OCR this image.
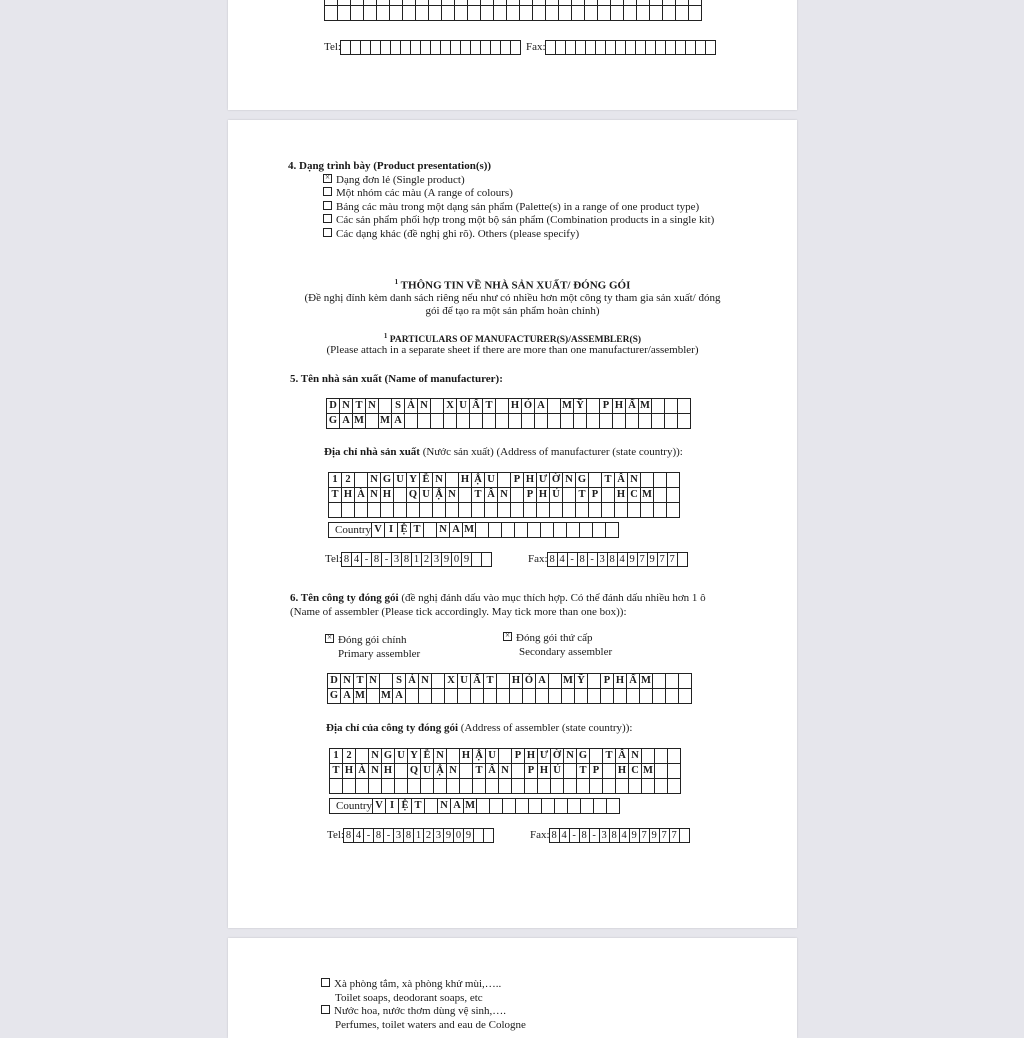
Tel:	Fax:
4. Dạng trình bày (Product presentation(s))
×Dạng đơn lẻ (Single product)
Một nhóm các màu (A range of colours)
Bảng các màu trong một dạng sản phẩm (Palette(s) in a range of one product type)
Các sản phẩm phối hợp trong một bộ sản phẩm (Combination products in a single kit)
Các dạng khác (đề nghị ghi rõ). Others (please specify)
$^1$ THÔNG TIN VỀ NHÀ SẢN XUẤT/ ĐÓNG GÓI
(Đề nghị đính kèm danh sách riêng nếu như có nhiều hơn một công ty tham gia sản xuất/ đóng
gói để tạo ra một sản phẩm hoàn chỉnh)
$^1$ PARTICULARS OF MANUFACTURER(S)/ASSEMBLER(S)
(Please attach in a separate sheet if there are more than one manufacturer/assembler)
5. Tên nhà sản xuất (Name of manufacturer):
D	N	T	N		S	Ả	N		X	U	Ấ	T		H	Ó	A		M	Ỹ		P	H	Ẩ	M			
G	A	M		M	A																						
Địa chỉ nhà sản xuất (Nước sản xuất) (Address of manufacturer (state country)):
1	2		N	G	U	Y	Ễ	N		H	Ậ	U		P	H	Ư	Ờ	N	G		T	Â	N			
T	H	À	N	H		Q	U	Ậ	N		T	Â	N		P	H	Ú		T	P		H	C	M		

Country	V	I	Ệ	T		N	A	M											
Tel: 8 4 - 8 - 3 8 1 2 3 9 0 9	Fax: 8 4 - 8 - 3 8 4 9 7 9 7 7
6. Tên công ty đóng gói (đề nghị đánh dấu vào mục thích hợp. Có thể đánh dấu nhiều hơn 1 ô
(Name of assembler (Please tick accordingly. May tick more than one box)):
×Đóng gói chính
Primary assembler
×Đóng gói thứ cấp
Secondary assembler
D	N	T	N		S	Ả	N		X	U	Ấ	T		H	Ó	A		M	Ỹ		P	H	Ẩ	M			
G	A	M		M	A																						
Địa chỉ của công ty đóng gói (Address of assembler (state country)):
1	2		N	G	U	Y	Ễ	N		H	Ậ	U		P	H	Ư	Ờ	N	G		T	Â	N			
T	H	À	N	H		Q	U	Ậ	N		T	Â	N		P	H	Ú		T	P		H	C	M		

Country	V	I	Ệ	T		N	A	M											
Tel: 8 4 - 8 - 3 8 1 2 3 9 0 9	Fax: 8 4 - 8 - 3 8 4 9 7 9 7 7
Xà phòng tắm, xà phòng khử mùi,…..
Toilet soaps, deodorant soaps, etc
Nước hoa, nước thơm dùng vệ sinh,….
Perfumes, toilet waters and eau de Cologne
